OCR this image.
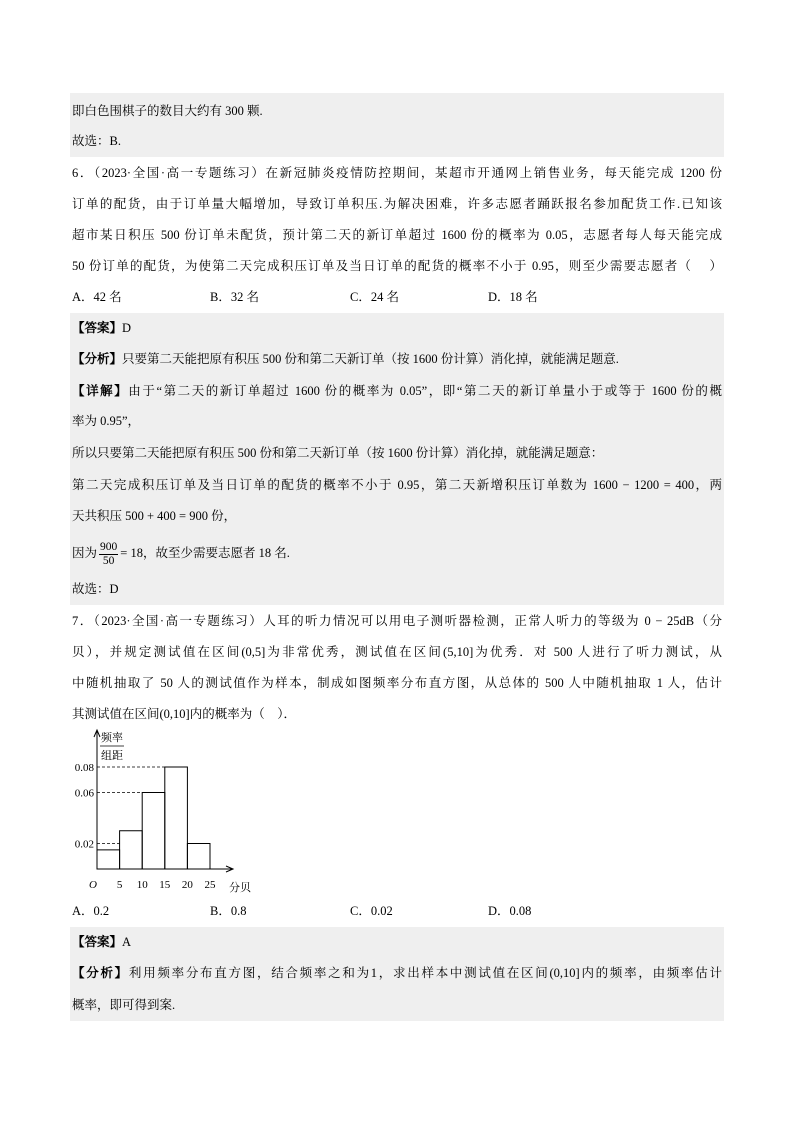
即白色围棋子的数目大约有 300 颗.
故选：B.
6．（2023·全国·高一专题练习）在新冠肺炎疫情防控期间，某超市开通网上销售业务，每天能完成 1200 份
订单的配货，由于订单量大幅增加，导致订单积压.为解决困难，许多志愿者踊跃报名参加配货工作.已知该
超市某日积压 500 份订单未配货，预计第二天的新订单超过 1600 份的概率为 0.05，志愿者每人每天能完成
50 份订单的配货，为使第二天完成积压订单及当日订单的配货的概率不小于 0.95，则至少需要志愿者（    ）
A．42 名	B．32 名	C．24 名	D．18 名
【答案】D
【分析】只要第二天能把原有积压 500 份和第二天新订单（按 1600 份计算）消化掉，就能满足题意.
【详解】由于“第二天的新订单超过 1600 份的概率为 0.05”，即“第二天的新订单量小于或等于 1600 份的概
率为 0.95”，
所以只要第二天能把原有积压 500 份和第二天新订单（按 1600 份计算）消化掉，就能满足题意：
第二天完成积压订单及当日订单的配货的概率不小于 0.95，第二天新增积压订单数为 1600 − 1200 = 400，两
天共积压 500 + 400 = 900 份，
因为 $\frac{900}{50} = 18$，故至少需要志愿者 18 名.
故选：D
7．（2023·全国·高一专题练习）人耳的听力情况可以用电子测听器检测，正常人听力的等级为 0 − 25dB（分
贝），并规定测试值在区间(0,5]为非常优秀，测试值在区间(5,10]为优秀．对 500 人进行了听力测试，从
中随机抽取了 50 人的测试值作为样本，制成如图频率分布直方图，从总体的 500 人中随机抽取 1 人，估计
其测试值在区间(0,10]内的概率为（    ）．
0.08
0.06
0.02
O 5 10 15 20 25 分贝
频率
组距
A．0.2	B．0.8	C．0.02	D．0.08
【答案】A
【分析】利用频率分布直方图，结合频率之和为1，求出样本中测试值在区间(0,10]内的频率，由频率估计
概率，即可得到案.
